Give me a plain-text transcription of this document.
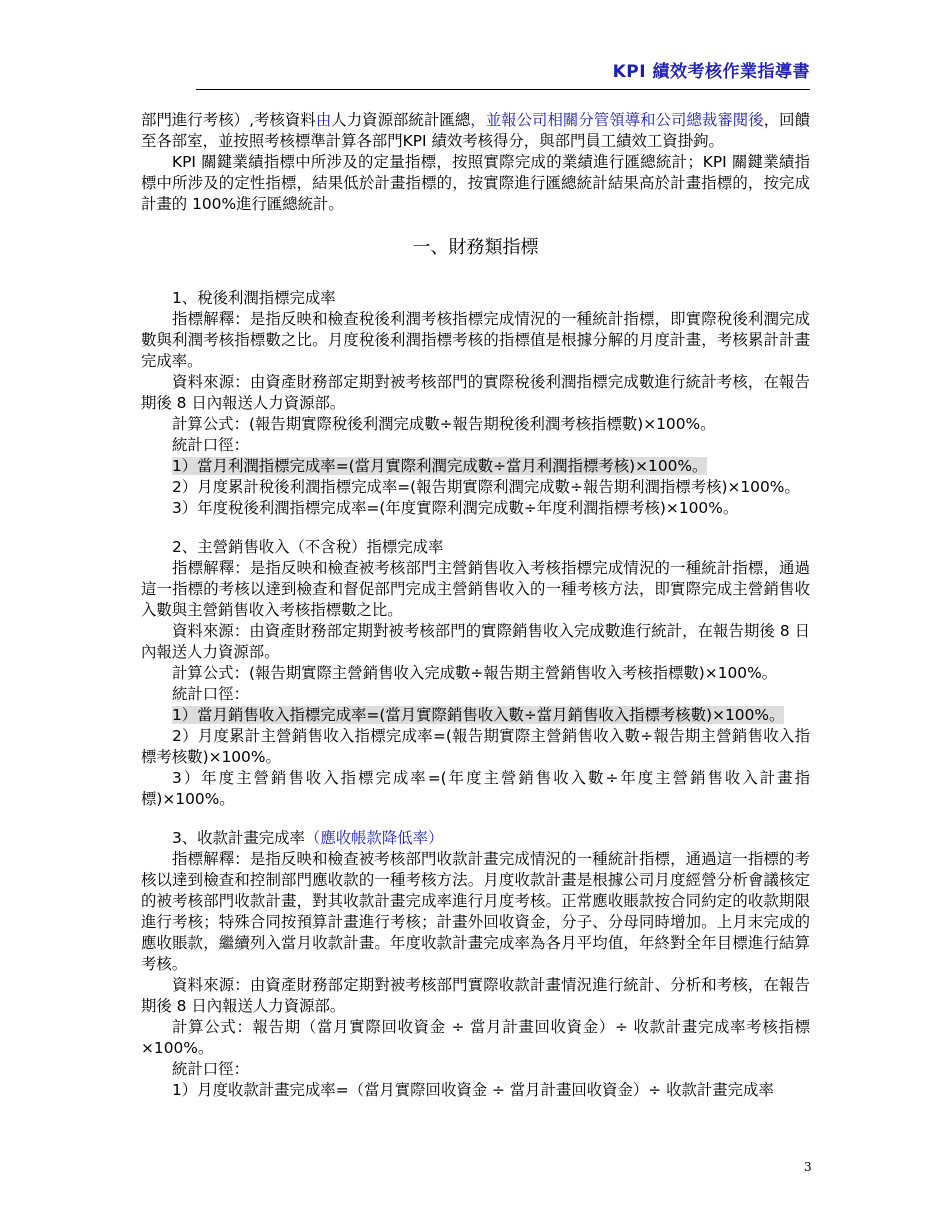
KPI 績效考核作業指導書

部門進行考核）,考核資料由人力資源部統計匯總，並報公司相關分管領導和公司總裁審閱後，回饋至各部室，並按照考核標準計算各部門KPI 績效考核得分，與部門員工績效工資掛鉤。

KPI 關鍵業績指標中所涉及的定量指標，按照實際完成的業績進行匯總統計；KPI 關鍵業績指標中所涉及的定性指標，結果低於計畫指標的，按實際進行匯總統計結果高於計畫指標的，按完成計畫的 100%進行匯總統計。

一、財務類指標

1、稅後利潤指標完成率

指標解釋：是指反映和檢查稅後利潤考核指標完成情況的一種統計指標，即實際稅後利潤完成數與利潤考核指標數之比。月度稅後利潤指標考核的指標值是根據分解的月度計畫，考核累計計畫完成率。

資料來源：由資產財務部定期對被考核部門的實際稅後利潤指標完成數進行統計考核，在報告期後 8 日內報送人力資源部。

計算公式：(報告期實際稅後利潤完成數÷報告期稅後利潤考核指標數)×100%。

統計口徑：

1）當月利潤指標完成率=(當月實際利潤完成數÷當月利潤指標考核)×100%。

2）月度累計稅後利潤指標完成率=(報告期實際利潤完成數÷報告期利潤指標考核)×100%。

3）年度稅後利潤指標完成率=(年度實際利潤完成數÷年度利潤指標考核)×100%。

2、主營銷售收入（不含稅）指標完成率

指標解釋：是指反映和檢查被考核部門主營銷售收入考核指標完成情況的一種統計指標，通過這一指標的考核以達到檢查和督促部門完成主營銷售收入的一種考核方法，即實際完成主營銷售收入數與主營銷售收入考核指標數之比。

資料來源：由資產財務部定期對被考核部門的實際銷售收入完成數進行統計，在報告期後 8 日內報送人力資源部。

計算公式：(報告期實際主營銷售收入完成數÷報告期主營銷售收入考核指標數)×100%。

統計口徑：

1）當月銷售收入指標完成率=(當月實際銷售收入數÷當月銷售收入指標考核數)×100%。

2）月度累計主營銷售收入指標完成率=(報告期實際主營銷售收入數÷報告期主營銷售收入指標考核數)×100%。

3）年度主營銷售收入指標完成率=(年度主營銷售收入數÷年度主營銷售收入計畫指標)×100%。

3、收款計畫完成率（應收帳款降低率）

指標解釋：是指反映和檢查被考核部門收款計畫完成情況的一種統計指標，通過這一指標的考核以達到檢查和控制部門應收款的一種考核方法。月度收款計畫是根據公司月度經營分析會議核定的被考核部門收款計畫，對其收款計畫完成率進行月度考核。正常應收賬款按合同約定的收款期限進行考核；特殊合同按預算計畫進行考核；計畫外回收資金，分子、分母同時增加。上月末完成的應收賬款，繼續列入當月收款計畫。年度收款計畫完成率為各月平均值，年終對全年目標進行結算考核。

資料來源：由資產財務部定期對被考核部門實際收款計畫情況進行統計、分析和考核，在報告期後 8 日內報送人力資源部。

計算公式：報告期（當月實際回收資金 ÷ 當月計畫回收資金）÷ 收款計畫完成率考核指標×100%。

統計口徑：

1）月度收款計畫完成率=（當月實際回收資金 ÷ 當月計畫回收資金）÷ 收款計畫完成率

3
